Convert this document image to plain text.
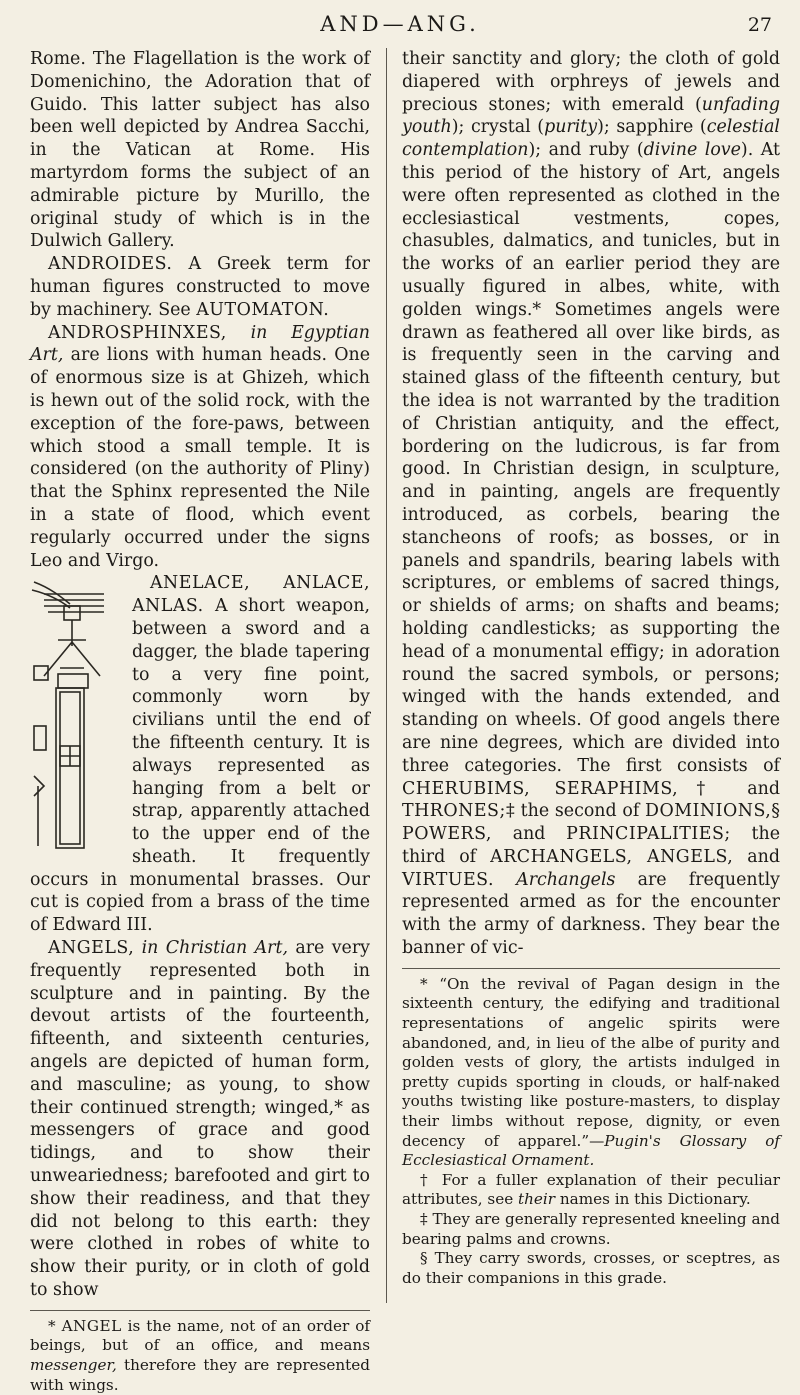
AND—ANG.	27

Rome. The Flagellation is the work of Domenichino, the Adoration that of Guido. This latter subject has also been well depicted by Andrea Sacchi, in the Vatican at Rome. His martyrdom forms the subject of an admirable picture by Murillo, the original study of which is in the Dulwich Gallery.

ANDROIDES. A Greek term for human figures constructed to move by machinery. See AUTOMATON.

ANDROSPHINXES, in Egyptian Art, are lions with human heads. One of enormous size is at Ghizeh, which is hewn out of the solid rock, with the exception of the fore-paws, between which stood a small temple. It is considered (on the authority of Pliny) that the Sphinx represented the Nile in a state of flood, which event regularly occurred under the signs Leo and Virgo.

ANELACE, ANLACE, ANLAS. A short weapon, between a sword and a dagger, the blade tapering to a very fine point, commonly worn by civilians until the end of the fifteenth century. It is always represented as hanging from a belt or strap, apparently attached to the upper end of the sheath. It frequently occurs in monumental brasses. Our cut is copied from a brass of the time of Edward III.

ANGELS, in Christian Art, are very frequently represented both in sculpture and in painting. By the devout artists of the fourteenth, fifteenth, and sixteenth centuries, angels are depicted of human form, and masculine; as young, to show their continued strength; winged,* as messengers of grace and good tidings, and to show their unweariedness; barefooted and girt to show their readiness, and that they did not belong to this earth: they were clothed in robes of white to show their purity, or in cloth of gold to show

* ANGEL is the name, not of an order of beings, but of an office, and means messenger, therefore they are represented with wings.

their sanctity and glory; the cloth of gold diapered with orphreys of jewels and precious stones; with emerald (unfading youth); crystal (purity); sapphire (celestial contemplation); and ruby (divine love). At this period of the history of Art, angels were often represented as clothed in the ecclesiastical vestments, copes, chasubles, dalmatics, and tunicles, but in the works of an earlier period they are usually figured in albes, white, with golden wings.* Sometimes angels were drawn as feathered all over like birds, as is frequently seen in the carving and stained glass of the fifteenth century, but the idea is not warranted by the tradition of Christian antiquity, and the effect, bordering on the ludicrous, is far from good. In Christian design, in sculpture, and in painting, angels are frequently introduced, as corbels, bearing the stancheons of roofs; as bosses, or in panels and spandrils, bearing labels with scriptures, or emblems of sacred things, or shields of arms; on shafts and beams; holding candlesticks; as supporting the head of a monumental effigy; in adoration round the sacred symbols, or persons; winged with the hands extended, and standing on wheels. Of good angels there are nine degrees, which are divided into three categories. The first consists of CHERUBIMS, SERAPHIMS,† and THRONES;‡ the second of DOMINIONS,§ POWERS, and PRINCIPALITIES; the third of ARCHANGELS, ANGELS, and VIRTUES. Archangels are frequently represented armed as for the encounter with the army of darkness. They bear the banner of vic-

* “On the revival of Pagan design in the sixteenth century, the edifying and traditional representations of angelic spirits were abandoned, and, in lieu of the albe of purity and golden vests of glory, the artists indulged in pretty cupids sporting in clouds, or half-naked youths twisting like posture-masters, to display their limbs without repose, dignity, or even decency of apparel.”—Pugin's Glossary of Ecclesiastical Ornament.

† For a fuller explanation of their peculiar attributes, see their names in this Dictionary.

‡ They are generally represented kneeling and bearing palms and crowns.

§ They carry swords, crosses, or sceptres, as do their companions in this grade.
